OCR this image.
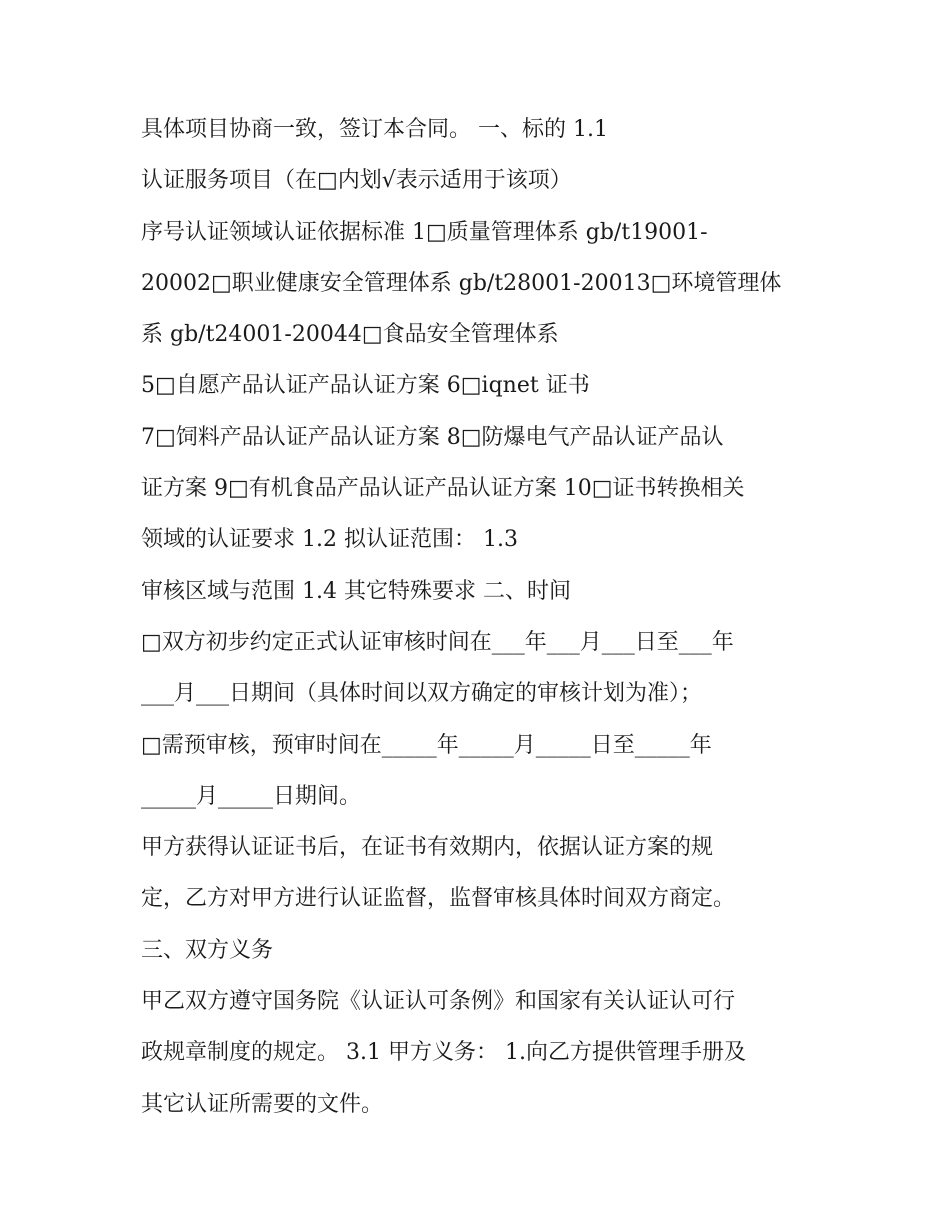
具体项目协商一致，签订本合同。 一、标的 1.1
认证服务项目（在□内划√表示适用于该项）
序号认证领域认证依据标准 1□质量管理体系 gb/t19001-
20002□职业健康安全管理体系 gb/t28001-20013□环境管理体
系 gb/t24001-20044□食品安全管理体系
5□自愿产品认证产品认证方案 6□iqnet 证书
7□饲料产品认证产品认证方案 8□防爆电气产品认证产品认
证方案 9□有机食品产品认证产品认证方案 10□证书转换相关
领域的认证要求 1.2 拟认证范围： 1.3
审核区域与范围 1.4 其它特殊要求 二、时间
□双方初步约定正式认证审核时间在___年___月___日至___年
___月___日期间（具体时间以双方确定的审核计划为准）；
□需预审核，预审时间在_____年_____月_____日至_____年
_____月_____日期间。
甲方获得认证证书后，在证书有效期内，依据认证方案的规
定，乙方对甲方进行认证监督，监督审核具体时间双方商定。
三、双方义务
甲乙双方遵守国务院《认证认可条例》和国家有关认证认可行
政规章制度的规定。 3.1 甲方义务： 1.向乙方提供管理手册及
其它认证所需要的文件。
